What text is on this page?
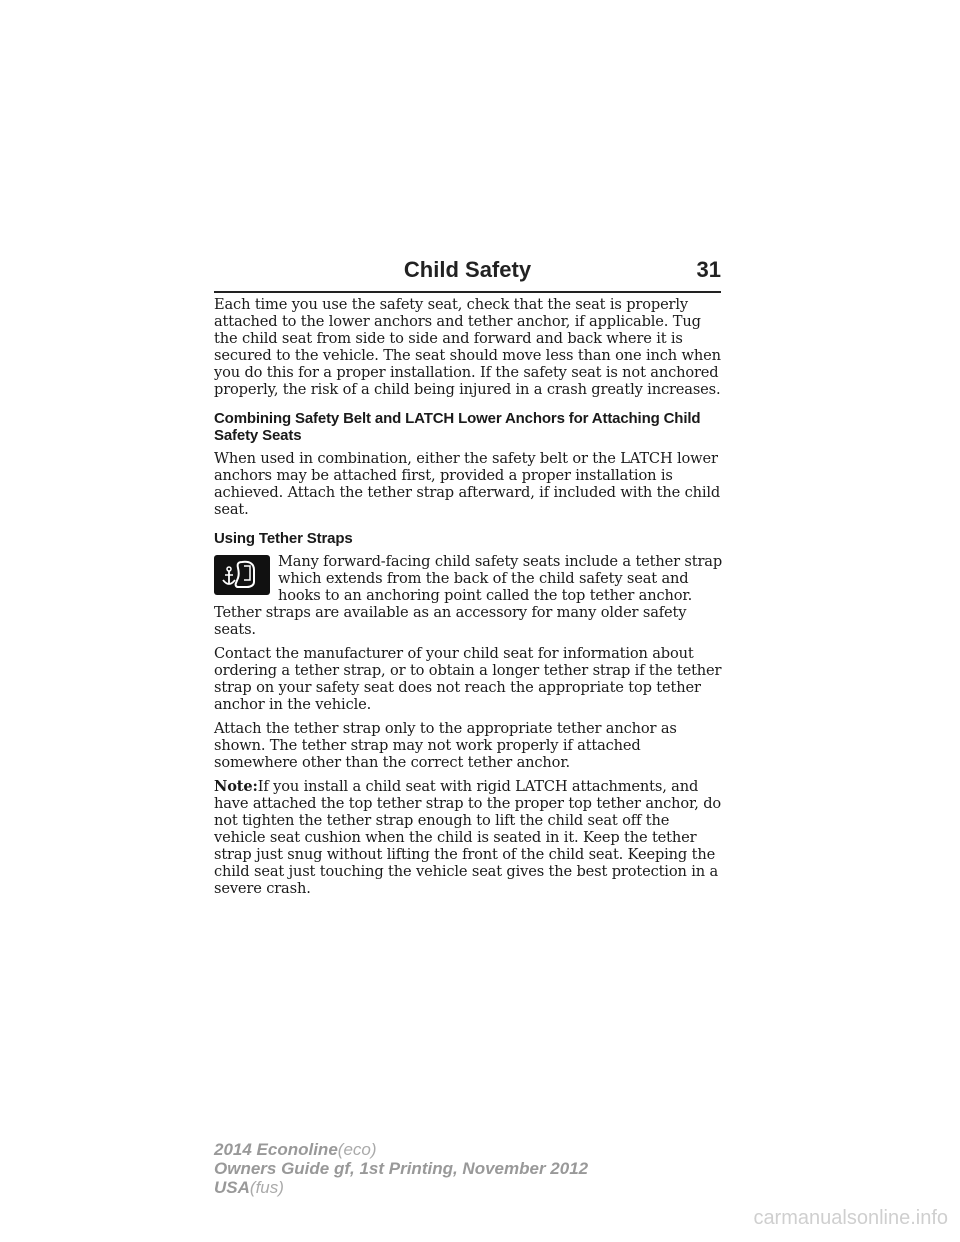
Child Safety	31

Each time you use the safety seat, check that the seat is properly attached to the lower anchors and tether anchor, if applicable. Tug the child seat from side to side and forward and back where it is secured to the vehicle. The seat should move less than one inch when you do this for a proper installation. If the safety seat is not anchored properly, the risk of a child being injured in a crash greatly increases.

Combining Safety Belt and LATCH Lower Anchors for Attaching Child Safety Seats

When used in combination, either the safety belt or the LATCH lower anchors may be attached first, provided a proper installation is achieved. Attach the tether strap afterward, if included with the child seat.

Using Tether Straps
Many forward-facing child safety seats include a tether strap which extends from the back of the child safety seat and hooks to an anchoring point called the top tether anchor. Tether straps are available as an accessory for many older safety seats.

Contact the manufacturer of your child seat for information about ordering a tether strap, or to obtain a longer tether strap if the tether strap on your safety seat does not reach the appropriate top tether anchor in the vehicle.

Attach the tether strap only to the appropriate tether anchor as shown. The tether strap may not work properly if attached somewhere other than the correct tether anchor.

Note:If you install a child seat with rigid LATCH attachments, and have attached the top tether strap to the proper top tether anchor, do not tighten the tether strap enough to lift the child seat off the vehicle seat cushion when the child is seated in it. Keep the tether strap just snug without lifting the front of the child seat. Keeping the child seat just touching the vehicle seat gives the best protection in a severe crash.

2014 Econoline(eco)
Owners Guide gf, 1st Printing, November 2012
USA(fus)
carmanualsonline.info
